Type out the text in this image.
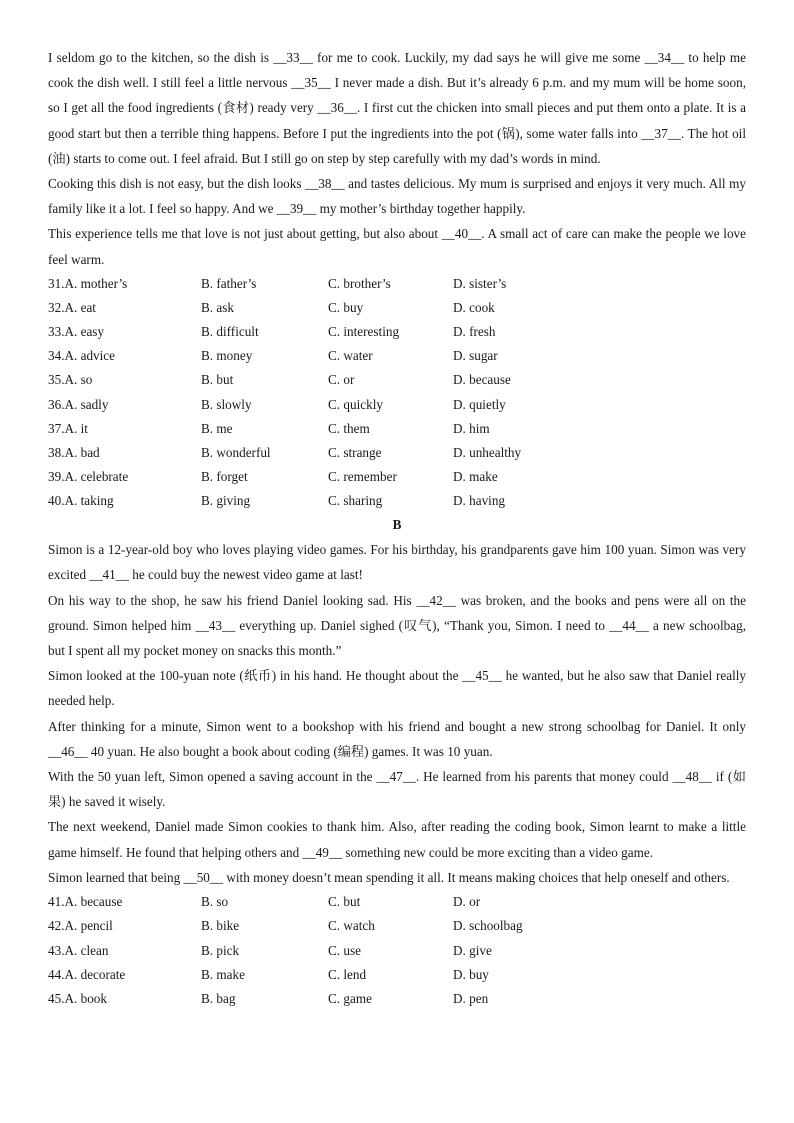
I seldom go to the kitchen, so the dish is __33__ for me to cook. Luckily, my dad says he will give me some __34__ to help me cook the dish well. I still feel a little nervous __35__ I never made a dish. But it’s already 6 p.m. and my mum will be home soon, so I get all the food ingredients (食材) ready very __36__. I first cut the chicken into small pieces and put them onto a plate. It is a good start but then a terrible thing happens. Before I put the ingredients into the pot (锅), some water falls into __37__. The hot oil (油) starts to come out. I feel afraid. But I still go on step by step carefully with my dad’s words in mind.

Cooking this dish is not easy, but the dish looks __38__ and tastes delicious. My mum is surprised and enjoys it very much. All my family like it a lot. I feel so happy. And we __39__ my mother’s birthday together happily.

This experience tells me that love is not just about getting, but also about __40__. A small act of care can make the people we love feel warm.

31.A. mother’s	B. father’s	C. brother’s	D. sister’s
32.A. eat	B. ask	C. buy	D. cook
33.A. easy	B. difficult	C. interesting	D. fresh
34.A. advice	B. money	C. water	D. sugar
35.A. so	B. but	C. or	D. because
36.A. sadly	B. slowly	C. quickly	D. quietly
37.A. it	B. me	C. them	D. him
38.A. bad	B. wonderful	C. strange	D. unhealthy
39.A. celebrate	B. forget	C. remember	D. make
40.A. taking	B. giving	C. sharing	D. having

B

Simon is a 12-year-old boy who loves playing video games. For his birthday, his grandparents gave him 100 yuan. Simon was very excited __41__ he could buy the newest video game at last!

On his way to the shop, he saw his friend Daniel looking sad. His __42__ was broken, and the books and pens were all on the ground. Simon helped him __43__ everything up. Daniel sighed (叹气), “Thank you, Simon. I need to __44__ a new schoolbag, but I spent all my pocket money on snacks this month.”

Simon looked at the 100-yuan note (纸币) in his hand. He thought about the __45__ he wanted, but he also saw that Daniel really needed help.

After thinking for a minute, Simon went to a bookshop with his friend and bought a new strong schoolbag for Daniel. It only __46__ 40 yuan. He also bought a book about coding (编程) games. It was 10 yuan.

With the 50 yuan left, Simon opened a saving account in the __47__. He learned from his parents that money could __48__ if (如果) he saved it wisely.

The next weekend, Daniel made Simon cookies to thank him. Also, after reading the coding book, Simon learnt to make a little game himself. He found that helping others and __49__ something new could be more exciting than a video game.

Simon learned that being __50__ with money doesn’t mean spending it all. It means making choices that help oneself and others.

41.A. because	B. so	C. but	D. or
42.A. pencil	B. bike	C. watch	D. schoolbag
43.A. clean	B. pick	C. use	D. give
44.A. decorate	B. make	C. lend	D. buy
45.A. book	B. bag	C. game	D. pen
